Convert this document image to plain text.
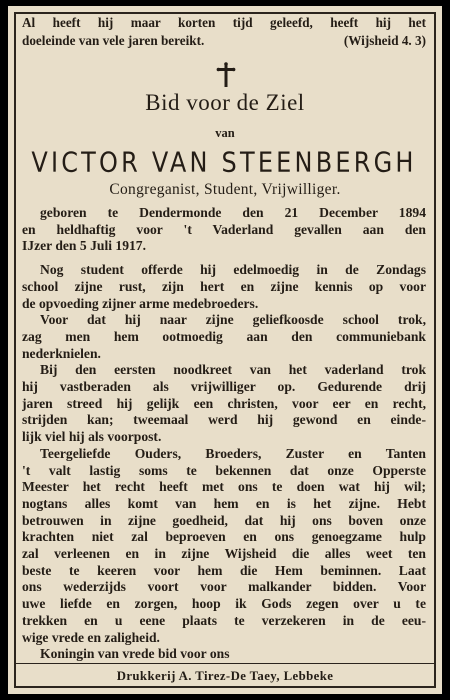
Al heeft hij maar korten tijd geleefd, heeft hij het
doeleinde van vele jaren bereikt.	(Wijsheid 4. 3)
Bid voor de Ziel
van
VICTOR VAN STEENBERGH
Congreganist, Student, Vrijwilliger.
geboren te Dendermonde den 21 December 1894
en heldhaftig voor 't Vaderland gevallen aan den
IJzer den 5 Juli 1917.
Nog student offerde hij edelmoedig in de Zondags
school zijne rust, zijn hert en zijne kennis op voor
de opvoeding zijner arme medebroeders.
Voor dat hij naar zijne geliefkoosde school trok,
zag men hem ootmoedig aan den communiebank
nederknielen.
Bij den eersten noodkreet van het vaderland trok
hij vastberaden als vrijwilliger op. Gedurende drij
jaren streed hij gelijk een christen, voor eer en recht,
strijden kan; tweemaal werd hij gewond en einde-
lijk viel hij als voorpost.
Teergeliefde Ouders, Broeders, Zuster en Tanten
't valt lastig soms te bekennen dat onze Opperste
Meester het recht heeft met ons te doen wat hij wil;
nogtans alles komt van hem en is het zijne. Hebt
betrouwen in zijne goedheid, dat hij ons boven onze
krachten niet zal beproeven en ons genoegzame hulp
zal verleenen en in zijne Wijsheid die alles weet ten
beste te keeren voor hem die Hem beminnen. Laat
ons wederzijds voort voor malkander bidden. Voor
uwe liefde en zorgen, hoop ik Gods zegen over u te
trekken en u eene plaats te verzekeren in de eeu-
wige vrede en zaligheid.
Koningin van vrede bid voor ons
Drukkerij A. Tirez-De Taey, Lebbeke
